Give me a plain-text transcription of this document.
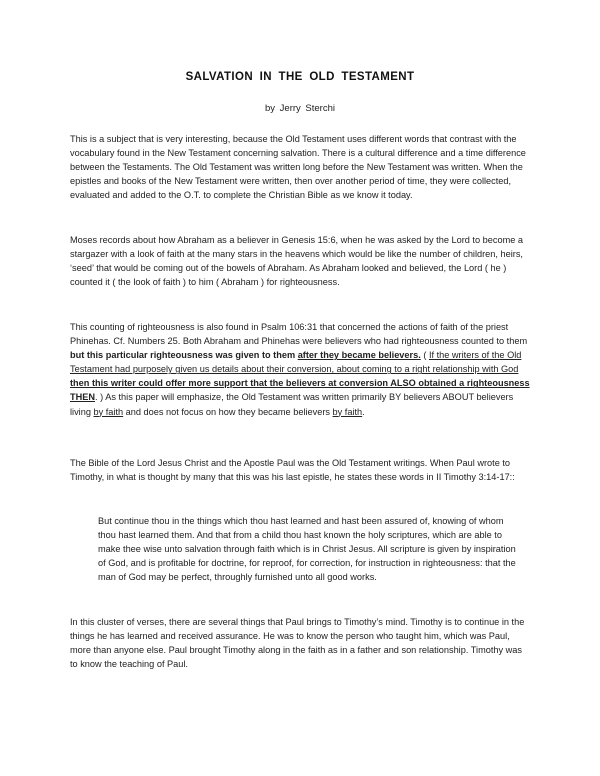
SALVATION IN THE OLD TESTAMENT
by Jerry Sterchi

This is a subject that is very interesting, because the Old Testament uses different words that contrast with the vocabulary found in the New Testament concerning salvation. There is a cultural difference and a time difference between the Testaments. The Old Testament was written long before the New Testament was written. When the epistles and books of the New Testament were written, then over another period of time, they were collected, evaluated and added to the O.T. to complete the Christian Bible as we know it today.

Moses records about how Abraham as a believer in Genesis 15:6, when he was asked by the Lord to become a stargazer with a look of faith at the many stars in the heavens which would be like the number of children, heirs, ‘seed’ that would be coming out of the bowels of Abraham. As Abraham looked and believed, the Lord ( he ) counted it ( the look of faith ) to him ( Abraham ) for righteousness.

This counting of righteousness is also found in Psalm 106:31 that concerned the actions of faith of the priest Phinehas. Cf. Numbers 25. Both Abraham and Phinehas were believers who had righteousness counted to them but this particular righteousness was given to them after they became believers. ( If the writers of the Old Testament had purposely given us details about their conversion, about coming to a right relationship with God then this writer could offer more support that the believers at conversion ALSO obtained a righteousness THEN. ) As this paper will emphasize, the Old Testament was written primarily BY believers ABOUT believers living by faith and does not focus on how they became believers by faith.

The Bible of the Lord Jesus Christ and the Apostle Paul was the Old Testament writings. When Paul wrote to Timothy, in what is thought by many that this was his last epistle, he states these words in II Timothy 3:14-17::

But continue thou in the things which thou hast learned and hast been assured of, knowing of whom thou hast learned them. And that from a child thou hast known the holy scriptures, which are able to make thee wise unto salvation through faith which is in Christ Jesus. All scripture is given by inspiration of God, and is profitable for doctrine, for reproof, for correction, for instruction in righteousness: that the man of God may be perfect, throughly furnished unto all good works.

In this cluster of verses, there are several things that Paul brings to Timothy’s mind. Timothy is to continue in the things he has learned and received assurance. He was to know the person who taught him, which was Paul, more than anyone else. Paul brought Timothy along in the faith as in a father and son relationship. Timothy was to know the teaching of Paul.
